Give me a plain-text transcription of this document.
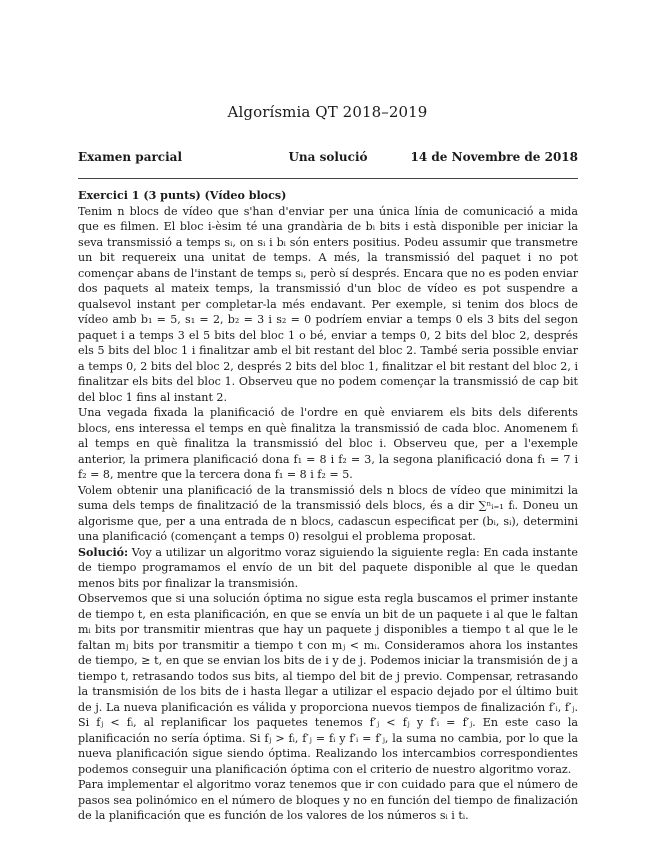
Algorísmia QT 2018–2019
Examen parcial	Una solució	14 de Novembre de 2018

Exercici 1 (3 punts) (Vídeo blocs)

Tenim n blocs de vídeo que s'han d'enviar per una única línia de comunicació a mida que es filmen. El bloc i-èsim té una grandària de bᵢ bits i està disponible per iniciar la seva transmissió a temps sᵢ, on sᵢ i bᵢ són enters positius. Podeu assumir que transmetre un bit requereix una unitat de temps. A més, la transmissió del paquet i no pot començar abans de l'instant de temps sᵢ, però sí després. Encara que no es poden enviar dos paquets al mateix temps, la transmissió d'un bloc de vídeo es pot suspendre a qualsevol instant per completar-la més endavant. Per exemple, si tenim dos blocs de vídeo amb b₁ = 5, s₁ = 2, b₂ = 3 i s₂ = 0 podríem enviar a temps 0 els 3 bits del segon paquet i a temps 3 el 5 bits del bloc 1 o bé, enviar a temps 0, 2 bits del bloc 2, després els 5 bits del bloc 1 i finalitzar amb el bit restant del bloc 2. També seria possible enviar a temps 0, 2 bits del bloc 2, després 2 bits del bloc 1, finalitzar el bit restant del bloc 2, i finalitzar els bits del bloc 1. Observeu que no podem començar la transmissió de cap bit del bloc 1 fins al instant 2.

Una vegada fixada la planificació de l'ordre en què enviarem els bits dels diferents blocs, ens interessa el temps en què finalitza la transmissió de cada bloc. Anomenem fᵢ al temps en què finalitza la transmissió del bloc i. Observeu que, per a l'exemple anterior, la primera planificació dona f₁ = 8 i f₂ = 3, la segona planificació dona f₁ = 7 i f₂ = 8, mentre que la tercera dona f₁ = 8 i f₂ = 5.

Volem obtenir una planificació de la transmissió dels n blocs de vídeo que minimitzi la suma dels temps de finalització de la transmissió dels blocs, és a dir ∑ⁿᵢ₌₁ fᵢ. Doneu un algorisme que, per a una entrada de n blocs, cadascun especificat per (bᵢ, sᵢ), determini una planificació (començant a temps 0) resolgui el problema proposat.

Solució: Voy a utilizar un algoritmo voraz siguiendo la siguiente regla: En cada instante de tiempo programamos el envío de un bit del paquete disponible al que le quedan menos bits por finalizar la transmisión.

Observemos que si una solución óptima no sigue esta regla buscamos el primer instante de tiempo t, en esta planificación, en que se envía un bit de un paquete i al que le faltan mᵢ bits por transmitir mientras que hay un paquete j disponibles a tiempo t al que le le faltan mⱼ bits por transmitir a tiempo t con mⱼ < mᵢ. Consideramos ahora los instantes de tiempo, ≥ t, en que se envian los bits de i y de j. Podemos iniciar la transmisión de j a tiempo t, retrasando todos sus bits, al tiempo del bit de j previo. Compensar, retrasando la transmisión de los bits de i hasta llegar a utilizar el espacio dejado por el último buit de j. La nueva planificación es válida y proporciona nuevos tiempos de finalización f′ᵢ, f′ⱼ. Si fⱼ < fᵢ, al replanificar los paquetes tenemos f′ⱼ < fⱼ y f′ᵢ = f′ⱼ. En este caso la planificación no sería óptima. Si fⱼ > fᵢ, f′ⱼ = fᵢ y f′ᵢ = f′ⱼ, la suma no cambia, por lo que la nueva planificación sigue siendo óptima. Realizando los intercambios correspondientes podemos conseguir una planificación óptima con el criterio de nuestro algoritmo voraz.

Para implementar el algoritmo voraz tenemos que ir con cuidado para que el número de pasos sea polinómico en el número de bloques y no en función del tiempo de finalización de la planificación que es función de los valores de los números sᵢ i tᵢ.
